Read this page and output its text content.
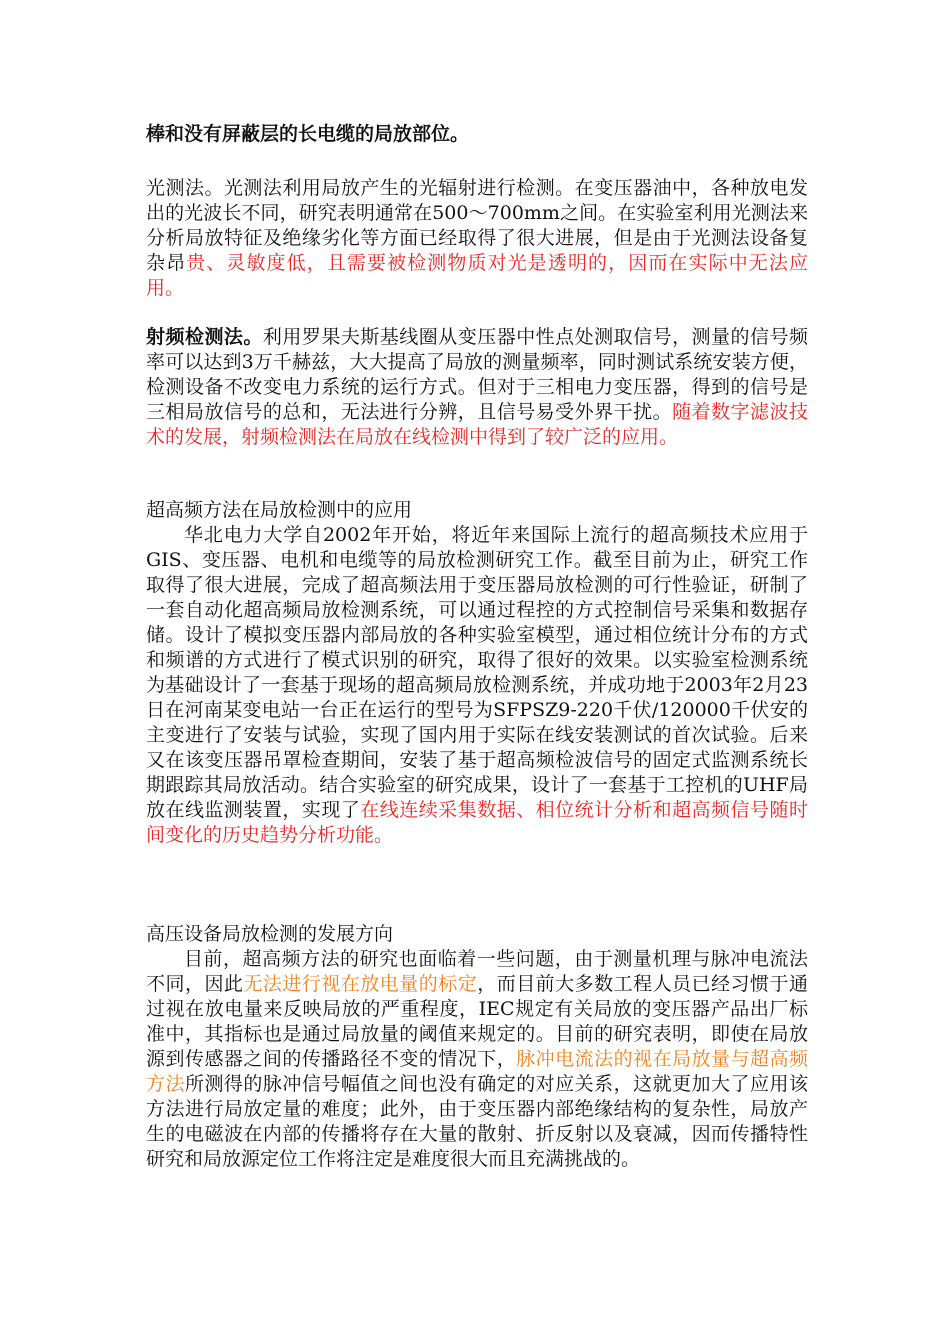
棒和没有屏蔽层的长电缆的局放部位。

光测法。光测法利用局放产生的光辐射进行检测。在变压器油中，各种放电发出的光波长不同，研究表明通常在500～700mm之间。在实验室利用光测法来分析局放特征及绝缘劣化等方面已经取得了很大进展，但是由于光测法设备复杂昂贵、灵敏度低，且需要被检测物质对光是透明的，因而在实际中无法应用。

射频检测法。利用罗果夫斯基线圈从变压器中性点处测取信号，测量的信号频率可以达到3万千赫兹，大大提高了局放的测量频率，同时测试系统安装方便，检测设备不改变电力系统的运行方式。但对于三相电力变压器，得到的信号是三相局放信号的总和，无法进行分辨，且信号易受外界干扰。随着数字滤波技术的发展，射频检测法在局放在线检测中得到了较广泛的应用。

超高频方法在局放检测中的应用

华北电力大学自2002年开始，将近年来国际上流行的超高频技术应用于GIS、变压器、电机和电缆等的局放检测研究工作。截至目前为止，研究工作取得了很大进展，完成了超高频法用于变压器局放检测的可行性验证，研制了一套自动化超高频局放检测系统，可以通过程控的方式控制信号采集和数据存储。设计了模拟变压器内部局放的各种实验室模型，通过相位统计分布的方式和频谱的方式进行了模式识别的研究，取得了很好的效果。以实验室检测系统为基础设计了一套基于现场的超高频局放检测系统，并成功地于2003年2月23日在河南某变电站一台正在运行的型号为SFPSZ9-220千伏/120000千伏安的主变进行了安装与试验，实现了国内用于实际在线安装测试的首次试验。后来又在该变压器吊罩检查期间，安装了基于超高频检波信号的固定式监测系统长期跟踪其局放活动。结合实验室的研究成果，设计了一套基于工控机的UHF局放在线监测装置，实现了在线连续采集数据、相位统计分析和超高频信号随时间变化的历史趋势分析功能。

高压设备局放检测的发展方向

目前，超高频方法的研究也面临着一些问题，由于测量机理与脉冲电流法不同，因此无法进行视在放电量的标定，而目前大多数工程人员已经习惯于通过视在放电量来反映局放的严重程度，IEC规定有关局放的变压器产品出厂标准中，其指标也是通过局放量的阈值来规定的。目前的研究表明，即使在局放源到传感器之间的传播路径不变的情况下，脉冲电流法的视在局放量与超高频方法所测得的脉冲信号幅值之间也没有确定的对应关系，这就更加大了应用该方法进行局放定量的难度；此外，由于变压器内部绝缘结构的复杂性，局放产生的电磁波在内部的传播将存在大量的散射、折反射以及衰减，因而传播特性研究和局放源定位工作将注定是难度很大而且充满挑战的。
